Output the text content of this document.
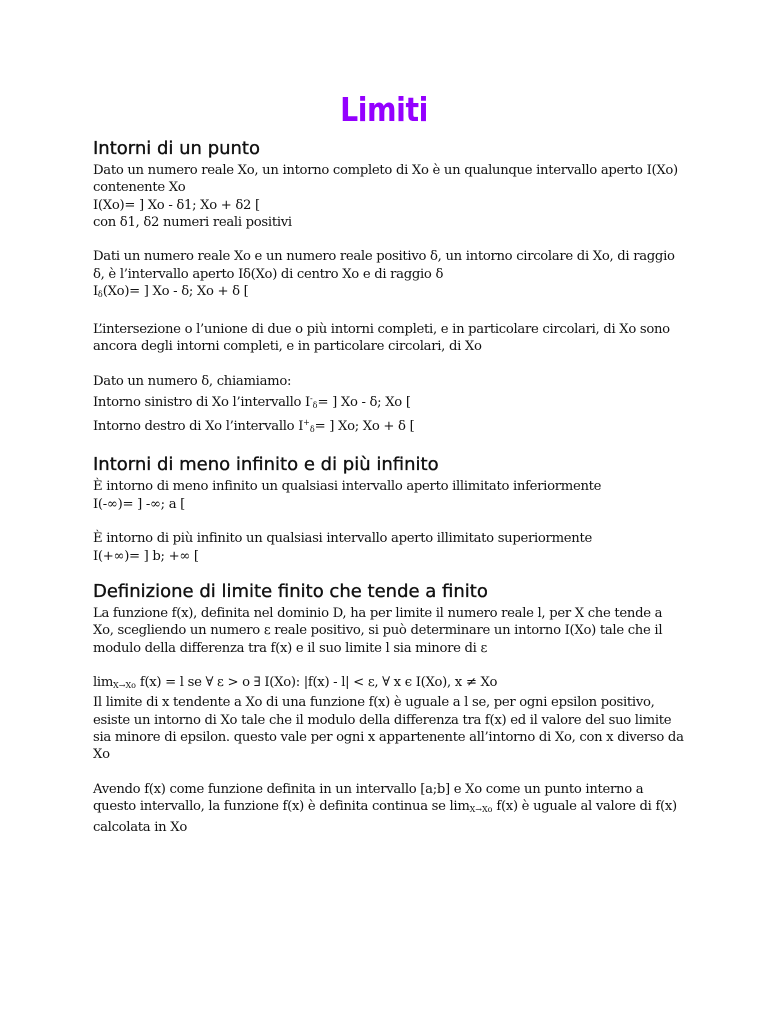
Limiti
Intorni di un punto

Dato un numero reale Xo, un intorno completo di Xo è un qualunque intervallo aperto I(Xo)
contenente Xo
I(Xo)= ] Xo - δ1; Xo + δ2 [
con δ1, δ2 numeri reali positivi

Dati un numero reale Xo e un numero reale positivo δ, un intorno circolare di Xo, di raggio
δ, è l’intervallo aperto Iδ(Xo) di centro Xo e di raggio δ
$I_\delta(Xo)=$ ] Xo - δ; Xo + δ [

L’intersezione o l’unione di due o più intorni completi, e in particolare circolari, di Xo sono
ancora degli intorni completi, e in particolare circolari, di Xo

Dato un numero δ, chiamiamo:
Intorno sinistro di Xo l’intervallo $I^-_\delta=$ ] Xo - δ; Xo [
Intorno destro di Xo l’intervallo $I^+_\delta=$ ] Xo; Xo + δ [

Intorni di meno infinito e di più infinito

È intorno di meno infinito un qualsiasi intervallo aperto illimitato inferiormente
I(-∞)= ] -∞; a [

È intorno di più infinito un qualsiasi intervallo aperto illimitato superiormente
I(+∞)= ] b; +∞ [

Definizione di limite finito che tende a finito

La funzione f(x), definita nel dominio D, ha per limite il numero reale l, per X che tende a
Xo, scegliendo un numero ε reale positivo, si può determinare un intorno I(Xo) tale che il
modulo della differenza tra f(x) e il suo limite l sia minore di ε

$\lim_{X\to Xo} f(x) = l$ se ∀ ε > o ∃ I(Xo): |f(x) - l| < ε, ∀ x ϵ I(Xo), x ≠ Xo
Il limite di x tendente a Xo di una funzione f(x) è uguale a l se, per ogni epsilon positivo,
esiste un intorno di Xo tale che il modulo della differenza tra f(x) ed il valore del suo limite
sia minore di epsilon. questo vale per ogni x appartenente all’intorno di Xo, con x diverso da
Xo

Avendo f(x) come funzione definita in un intervallo [a;b] e Xo come un punto interno a
questo intervallo, la funzione f(x) è definita continua se $\lim_{X\to Xo} f(x)$ è uguale al valore di f(x)
calcolata in Xo
